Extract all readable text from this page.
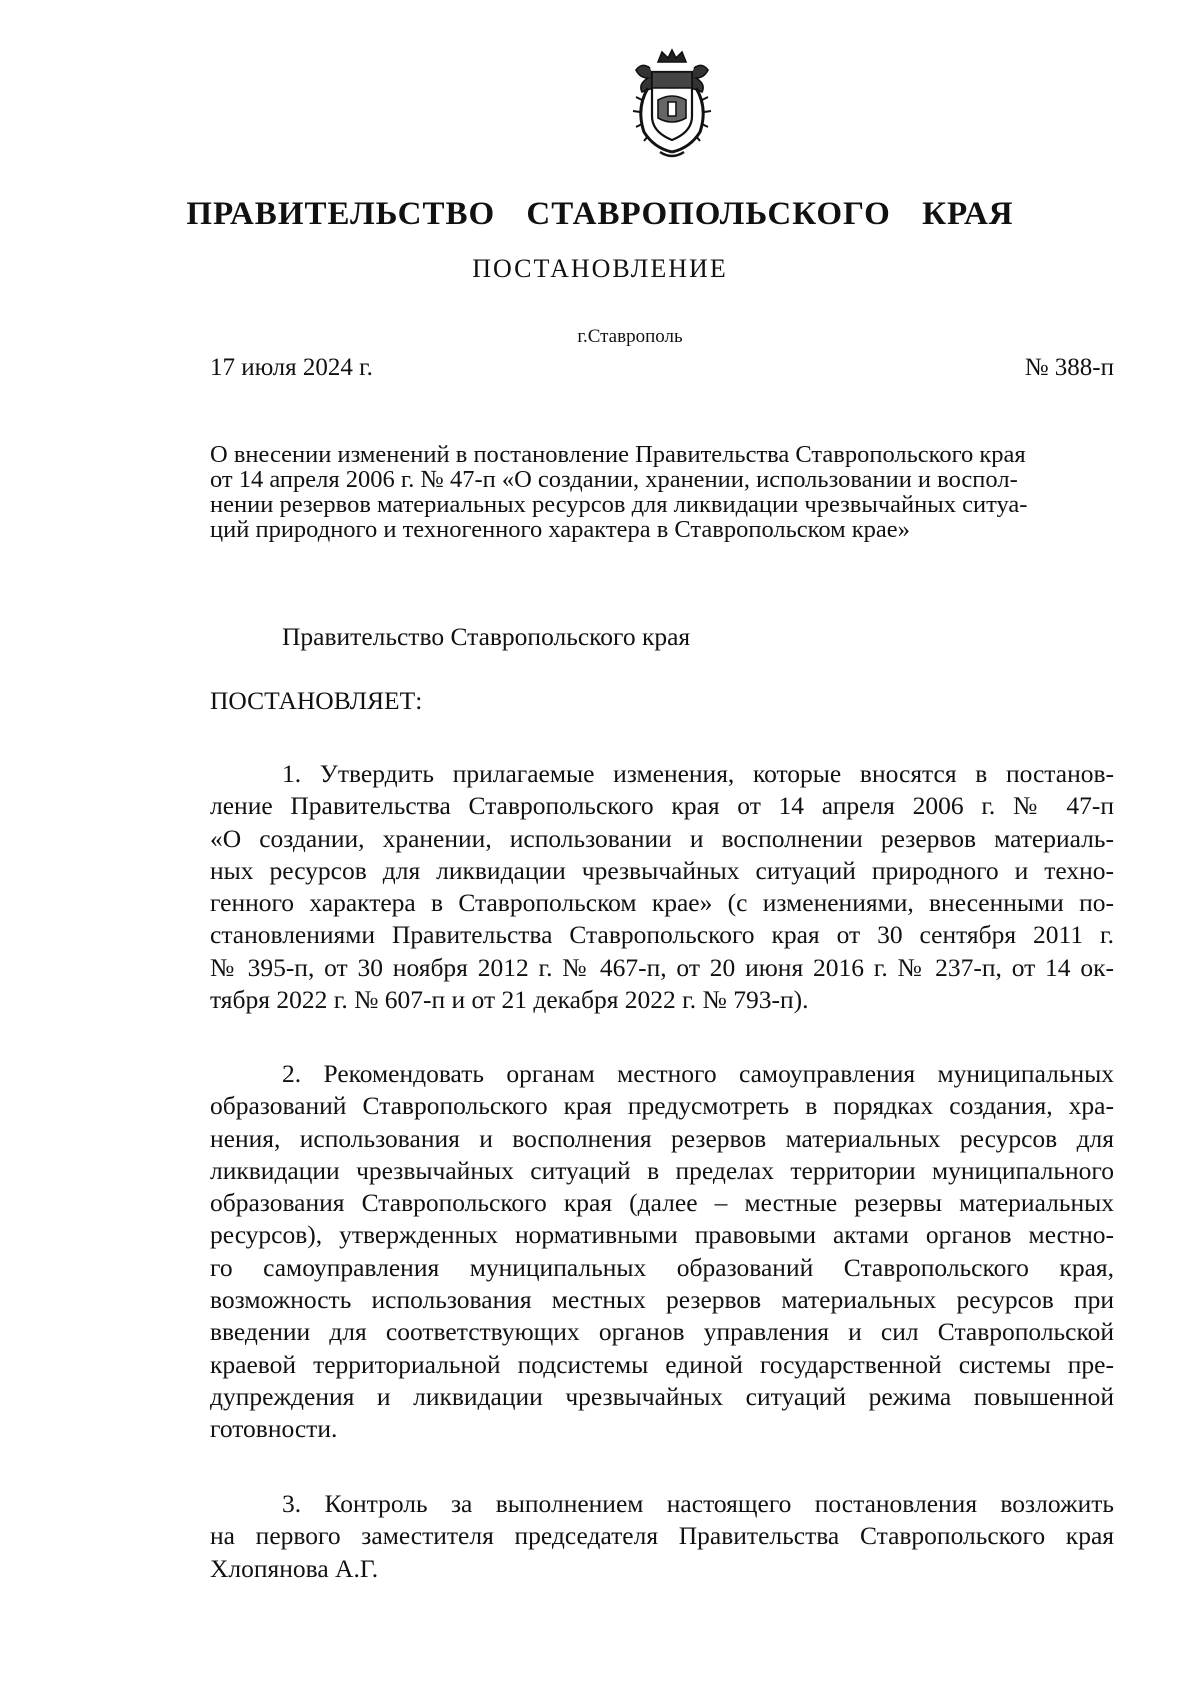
ПРАВИТЕЛЬСТВО СТАВРОПОЛЬСКОГО КРАЯ
ПОСТАНОВЛЕНИЕ
г.Ставрополь
17 июля 2024 г.	№ 388-п
О внесении изменений в постановление Правительства Ставропольского края
от 14 апреля 2006 г. № 47-п «О создании, хранении, использовании и воспол-
нении резервов материальных ресурсов для ликвидации чрезвычайных ситуа-
ций природного и техногенного характера в Ставропольском крае»
Правительство Ставропольского края
ПОСТАНОВЛЯЕТ:
1. Утвердить прилагаемые изменения, которые вносятся в постанов-
ление Правительства Ставропольского края от 14 апреля 2006 г. № 47-п
«О создании, хранении, использовании и восполнении резервов материаль-
ных ресурсов для ликвидации чрезвычайных ситуаций природного и техно-
генного характера в Ставропольском крае» (с изменениями, внесенными по-
становлениями Правительства Ставропольского края от 30 сентября 2011 г.
№ 395-п, от 30 ноября 2012 г. № 467-п, от 20 июня 2016 г. № 237-п, от 14 ок-
тября 2022 г. № 607-п и от 21 декабря 2022 г. № 793-п).
2. Рекомендовать органам местного самоуправления муниципальных
образований Ставропольского края предусмотреть в порядках создания, хра-
нения, использования и восполнения резервов материальных ресурсов для
ликвидации чрезвычайных ситуаций в пределах территории муниципального
образования Ставропольского края (далее – местные резервы материальных
ресурсов), утвержденных нормативными правовыми актами органов местно-
го самоуправления муниципальных образований Ставропольского края,
возможность использования местных резервов материальных ресурсов при
введении для соответствующих органов управления и сил Ставропольской
краевой территориальной подсистемы единой государственной системы пре-
дупреждения и ликвидации чрезвычайных ситуаций режима повышенной
готовности.
3. Контроль за выполнением настоящего постановления возложить
на первого заместителя председателя Правительства Ставропольского края
Хлопянова А.Г.
